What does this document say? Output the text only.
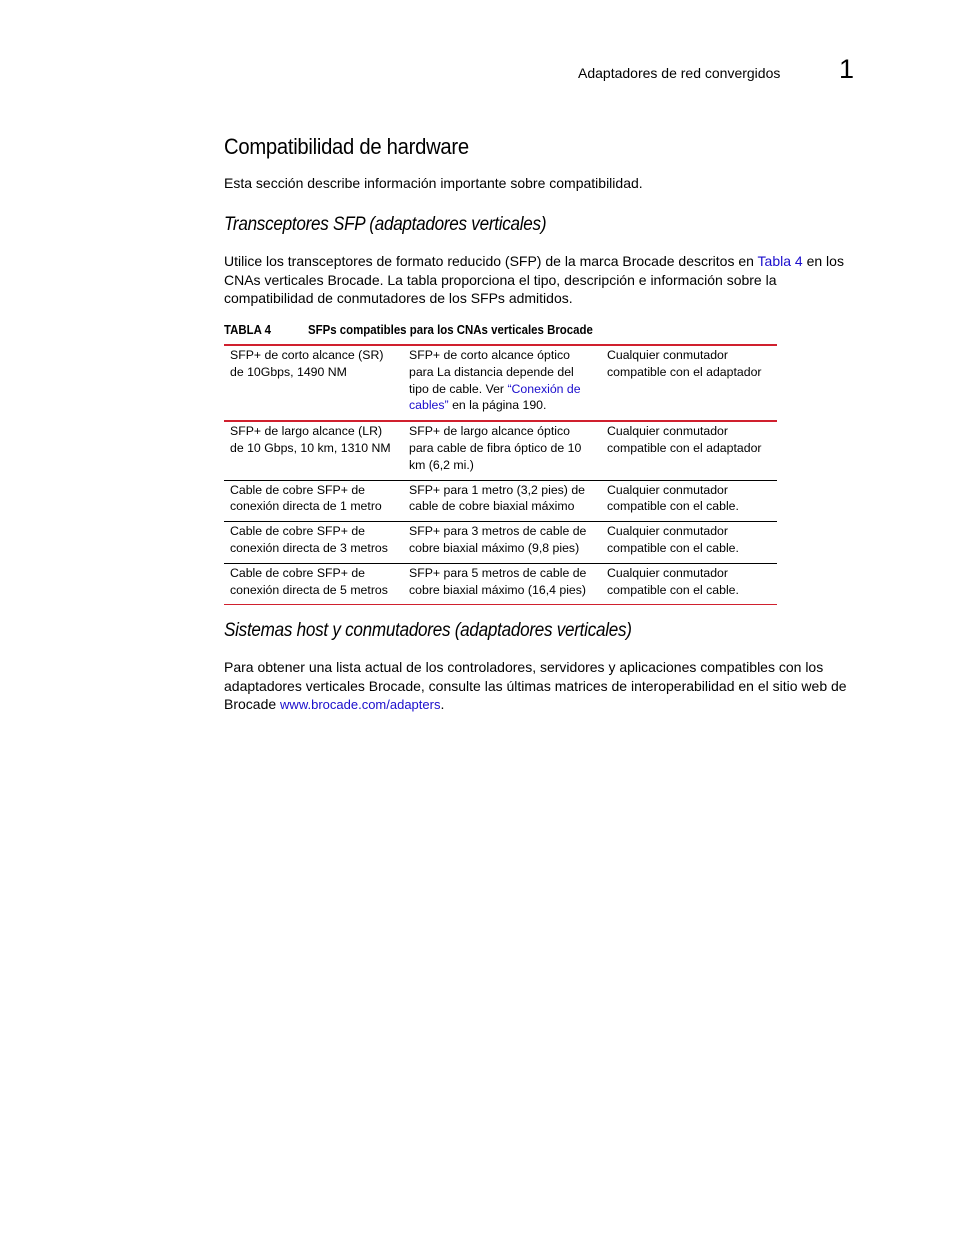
Adaptadores de red convergidos 1
Compatibilidad de hardware
Esta sección describe información importante sobre compatibilidad.
Transceptores SFP (adaptadores verticales)
Utilice los transceptores de formato reducido (SFP) de la marca Brocade descritos en Tabla 4 en los CNAs verticales Brocade. La tabla proporciona el tipo, descripción e información sobre la compatibilidad de conmutadores de los SFPs admitidos.
TABLA 4	SFPs compatibles para los CNAs verticales Brocade
SFP+ de corto alcance (SR) de 10Gbps, 1490 NM	SFP+ de corto alcance óptico para La distancia depende del tipo de cable. Ver “Conexión de cables” en la página 190.	Cualquier conmutador compatible con el adaptador
SFP+ de largo alcance (LR) de 10 Gbps, 10 km, 1310 NM	SFP+ de largo alcance óptico para cable de fibra óptico de 10 km (6,2 mi.)	Cualquier conmutador compatible con el adaptador
Cable de cobre SFP+ de conexión directa de 1 metro	SFP+ para 1 metro (3,2 pies) de cable de cobre biaxial máximo	Cualquier conmutador compatible con el cable.
Cable de cobre SFP+ de conexión directa de 3 metros	SFP+ para 3 metros de cable de cobre biaxial máximo (9,8 pies)	Cualquier conmutador compatible con el cable.
Cable de cobre SFP+ de conexión directa de 5 metros	SFP+ para 5 metros de cable de cobre biaxial máximo (16,4 pies)	Cualquier conmutador compatible con el cable.
Sistemas host y conmutadores (adaptadores verticales)
Para obtener una lista actual de los controladores, servidores y aplicaciones compatibles con los adaptadores verticales Brocade, consulte las últimas matrices de interoperabilidad en el sitio web de Brocade www.brocade.com/adapters.
